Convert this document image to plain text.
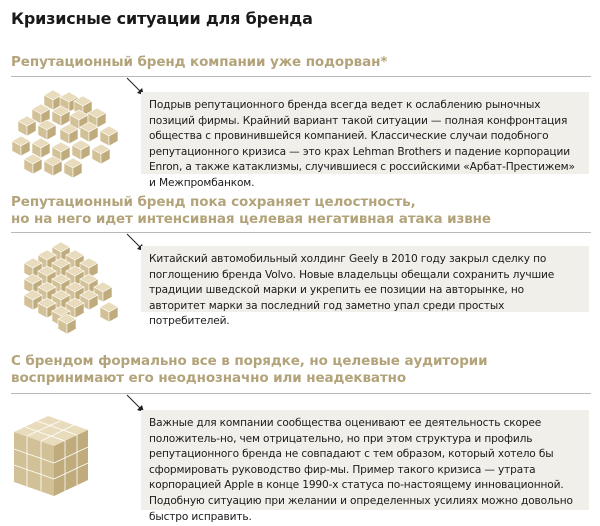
Кризисные ситуации для бренда
Репутационный бренд компании уже подорван*
Подрыв репутационного бренда всегда ведет к ослаблению рыночных позиций фирмы. Крайний вариант такой ситуации — полная конфронтация общества с провинившейся компанией. Классические случаи подобного репутационного кризиса — это крах Lehman Brothers и падение корпорации Enron, а также катаклизмы, случившиеся с российскими «Арбат-Престижем» и Межпромбанком.
Репутационный бренд пока сохраняет целостность,
но на него идет интенсивная целевая негативная атака извне
Китайский автомобильный холдинг Geely в 2010 году закрыл сделку по поглощению бренда Volvo. Новые владельцы обещали сохранить лучшие традиции шведской марки и укрепить ее позиции на авторынке, но авторитет марки за последний год заметно упал среди простых потребителей.
С брендом формально все в порядке, но целевые аудитории
воспринимают его неоднозначно или неадекватно
Важные для компании сообщества оценивают ее деятельность скорее положитель-но, чем отрицательно, но при этом структура и профиль репутационного бренда не совпадают с тем образом, который хотело бы сформировать руководство фир-мы. Пример такого кризиса — утрата корпорацией Apple в конце 1990-х статуса по-настоящему инновационной. Подобную ситуацию при желании и определенных усилиях можно довольно быстро исправить.
